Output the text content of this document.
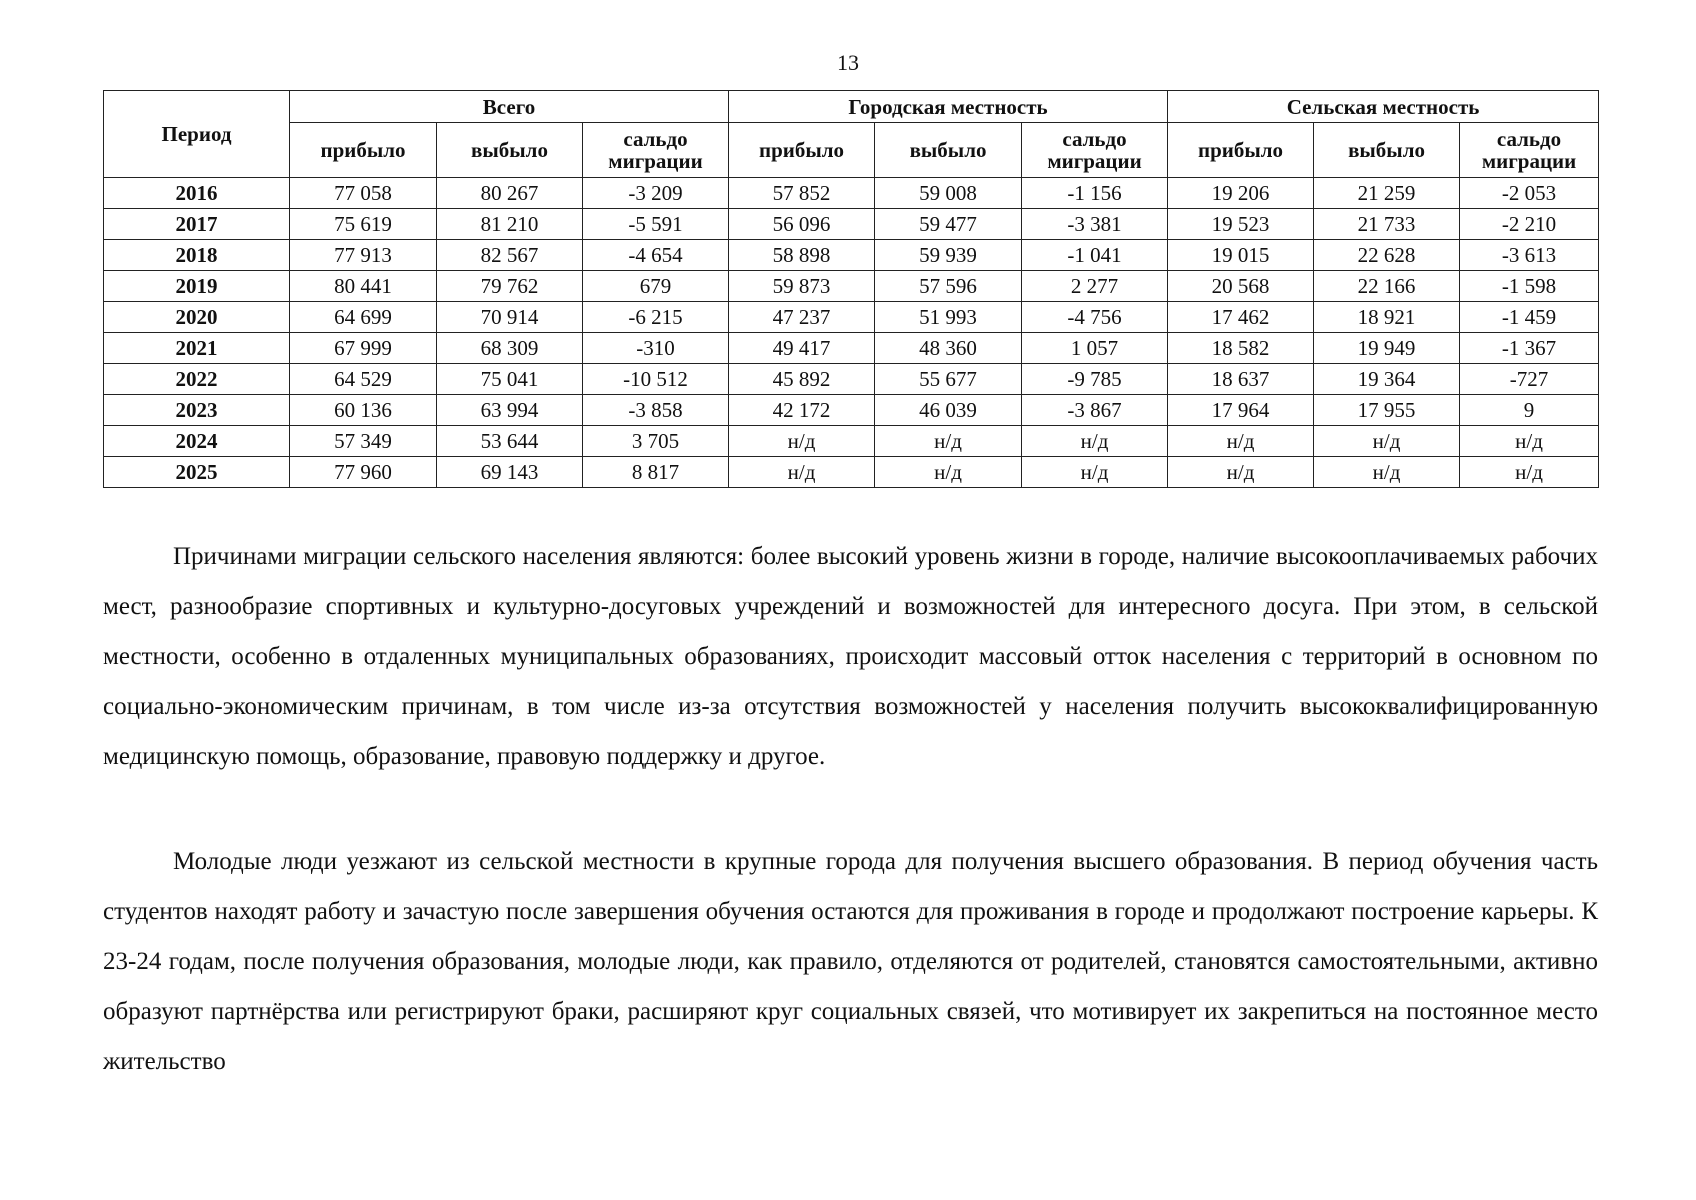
13
Период	Всего			Городская местность			Сельская местность		
	прибыло	выбыло	сальдо миграции	прибыло	выбыло	сальдо миграции	прибыло	выбыло	сальдо миграции
2016	77 058	80 267	-3 209	57 852	59 008	-1 156	19 206	21 259	-2 053
2017	75 619	81 210	-5 591	56 096	59 477	-3 381	19 523	21 733	-2 210
2018	77 913	82 567	-4 654	58 898	59 939	-1 041	19 015	22 628	-3 613
2019	80 441	79 762	679	59 873	57 596	2 277	20 568	22 166	-1 598
2020	64 699	70 914	-6 215	47 237	51 993	-4 756	17 462	18 921	-1 459
2021	67 999	68 309	-310	49 417	48 360	1 057	18 582	19 949	-1 367
2022	64 529	75 041	-10 512	45 892	55 677	-9 785	18 637	19 364	-727
2023	60 136	63 994	-3 858	42 172	46 039	-3 867	17 964	17 955	9
2024	57 349	53 644	3 705	н/д	н/д	н/д	н/д	н/д	н/д
2025	77 960	69 143	8 817	н/д	н/д	н/д	н/д	н/д	н/д

Причинами миграции сельского населения являются: более высокий уровень жизни в городе, наличие высокооплачиваемых рабочих мест, разнообразие спортивных и культурно-досуговых учреждений и возможностей для интересного досуга. При этом, в сельской местности, особенно в отдаленных муниципальных образованиях, происходит массовый отток населения с территорий в основном по социально-экономическим причинам, в том числе из-за отсутствия возможностей у населения получить высококвалифицированную медицинскую помощь, образование, правовую поддержку и другое.

Молодые люди уезжают из сельской местности в крупные города для получения высшего образования. В период обучения часть студентов находят работу и зачастую после завершения обучения остаются для проживания в городе и продолжают построение карьеры. К 23-24 годам, после получения образования, молодые люди, как правило, отделяются от родителей, становятся самостоятельными, активно образуют партнёрства или регистрируют браки, расширяют круг социальных связей, что мотивирует их закрепиться на постоянное место жительство
